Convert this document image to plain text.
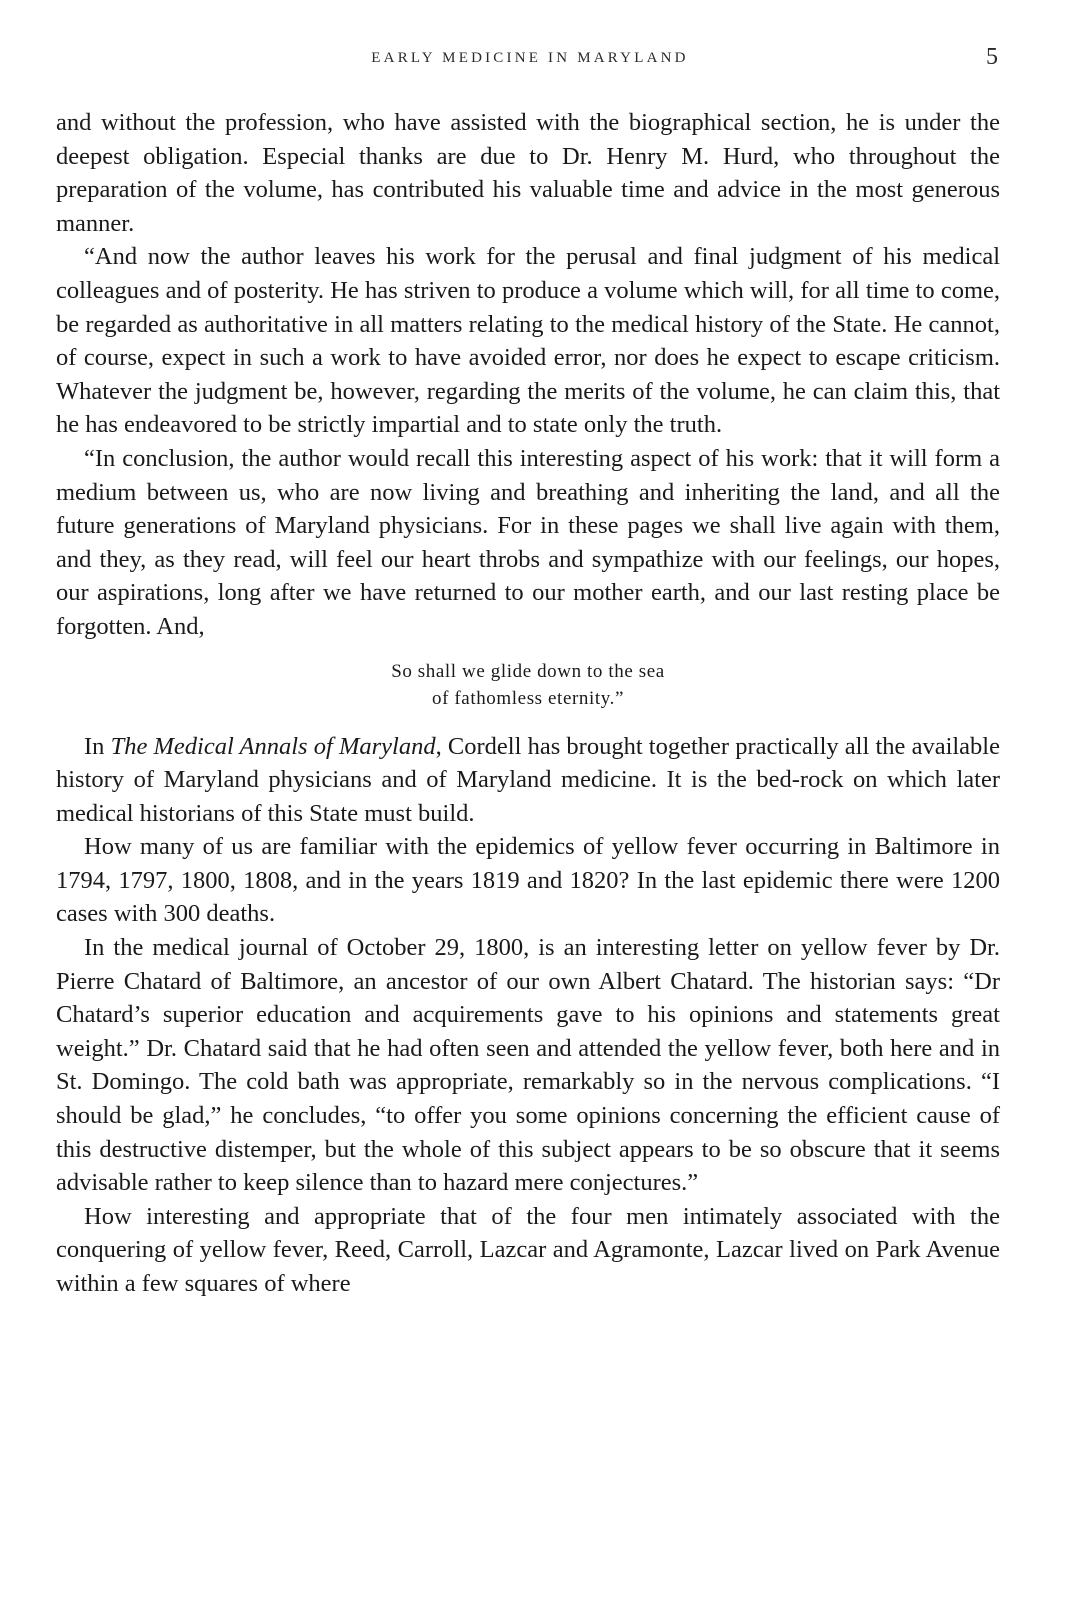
EARLY MEDICINE IN MARYLAND	5

and without the profession, who have assisted with the biographical section, he is under the deepest obligation. Especial thanks are due to Dr. Henry M. Hurd, who throughout the preparation of the volume, has contributed his valuable time and advice in the most generous manner.

“And now the author leaves his work for the perusal and final judgment of his medical colleagues and of posterity. He has striven to produce a volume which will, for all time to come, be regarded as authoritative in all matters relating to the medical history of the State. He cannot, of course, expect in such a work to have avoided error, nor does he expect to escape criticism. Whatever the judgment be, however, regarding the merits of the volume, he can claim this, that he has endeavored to be strictly impartial and to state only the truth.

“In conclusion, the author would recall this interesting aspect of his work: that it will form a medium between us, who are now living and breathing and inheriting the land, and all the future generations of Maryland physicians. For in these pages we shall live again with them, and they, as they read, will feel our heart throbs and sympathize with our feelings, our hopes, our aspirations, long after we have returned to our mother earth, and our last resting place be forgotten. And,

So shall we glide down to the sea
of fathomless eternity.”

In The Medical Annals of Maryland, Cordell has brought together practically all the available history of Maryland physicians and of Maryland medicine. It is the bed-rock on which later medical historians of this State must build.

How many of us are familiar with the epidemics of yellow fever occurring in Baltimore in 1794, 1797, 1800, 1808, and in the years 1819 and 1820? In the last epidemic there were 1200 cases with 300 deaths.

In the medical journal of October 29, 1800, is an interesting letter on yellow fever by Dr. Pierre Chatard of Baltimore, an ancestor of our own Albert Chatard. The historian says: “Dr Chatard’s superior education and acquirements gave to his opinions and statements great weight.” Dr. Chatard said that he had often seen and attended the yellow fever, both here and in St. Domingo. The cold bath was appropriate, remarkably so in the nervous complications. “I should be glad,” he concludes, “to offer you some opinions concerning the efficient cause of this destructive distemper, but the whole of this subject appears to be so obscure that it seems advisable rather to keep silence than to hazard mere conjectures.”

How interesting and appropriate that of the four men intimately associated with the conquering of yellow fever, Reed, Carroll, Lazcar and Agramonte, Lazcar lived on Park Avenue within a few squares of where
